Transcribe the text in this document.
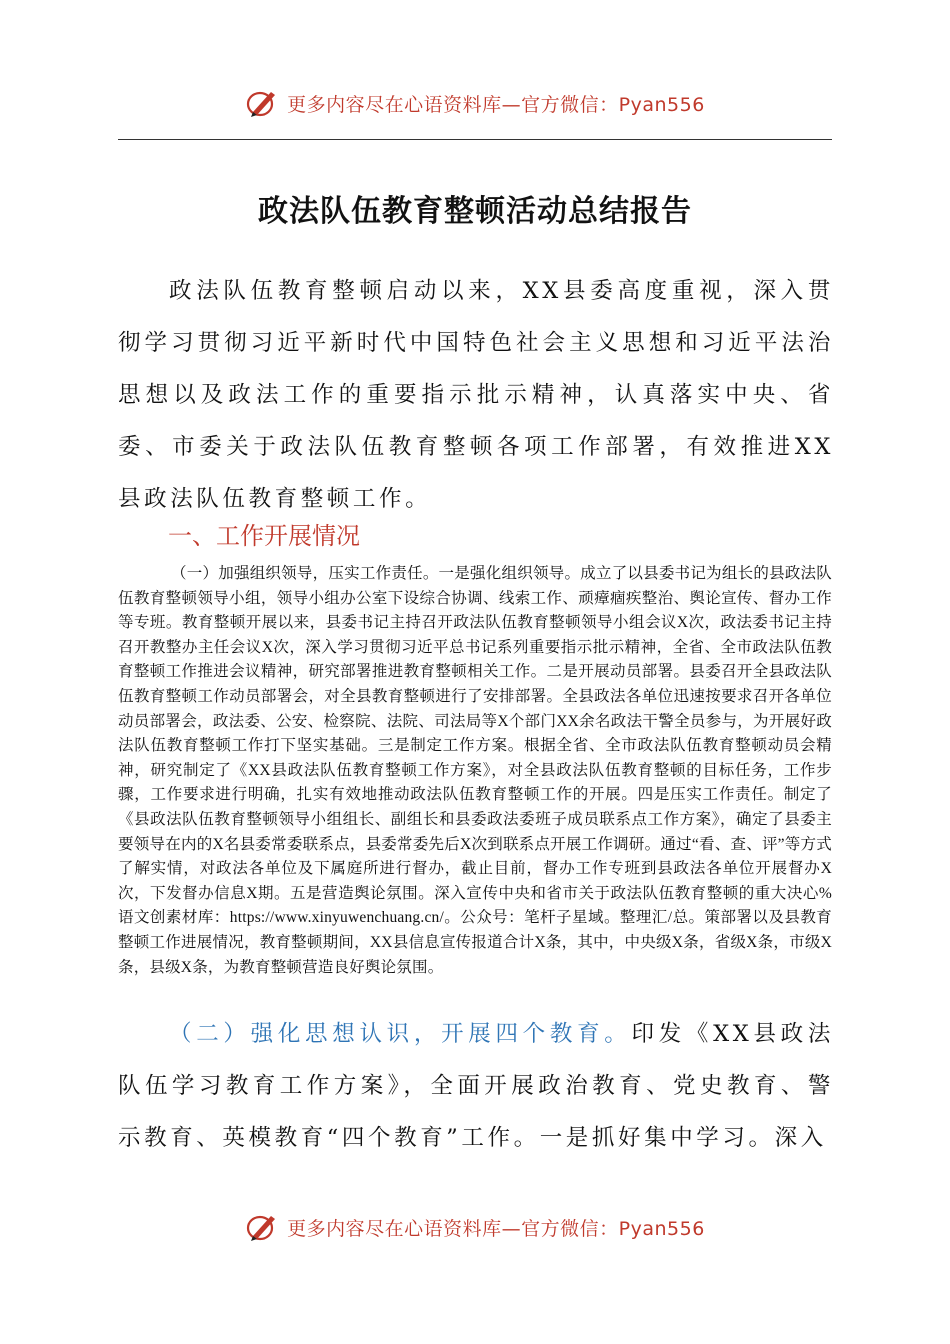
更多内容尽在心语资料库—官方微信：Pyan556
政法队伍教育整顿活动总结报告
政法队伍教育整顿启动以来，XX县委高度重视，深入贯彻学习贯彻习近平新时代中国特色社会主义思想和习近平法治思想以及政法工作的重要指示批示精神，认真落实中央、省委、市委关于政法队伍教育整顿各项工作部署，有效推进XX县政法队伍教育整顿工作。
一、工作开展情况
（一）加强组织领导，压实工作责任。一是强化组织领导。成立了以县委书记为组长的县政法队伍教育整顿领导小组，领导小组办公室下设综合协调、线索工作、顽瘴痼疾整治、舆论宣传、督办工作等专班。教育整顿开展以来，县委书记主持召开政法队伍教育整顿领导小组会议X次，政法委书记主持召开教整办主任会议X次，深入学习贯彻习近平总书记系列重要指示批示精神，全省、全市政法队伍教育整顿工作推进会议精神，研究部署推进教育整顿相关工作。二是开展动员部署。县委召开全县政法队伍教育整顿工作动员部署会，对全县教育整顿进行了安排部署。全县政法各单位迅速按要求召开各单位动员部署会，政法委、公安、检察院、法院、司法局等X个部门XX余名政法干警全员参与，为开展好政法队伍教育整顿工作打下坚实基础。三是制定工作方案。根据全省、全市政法队伍教育整顿动员会精神，研究制定了《XX县政法队伍教育整顿工作方案》，对全县政法队伍教育整顿的目标任务，工作步骤，工作要求进行明确，扎实有效地推动政法队伍教育整顿工作的开展。四是压实工作责任。制定了《县政法队伍教育整顿领导小组组长、副组长和县委政法委班子成员联系点工作方案》，确定了县委主要领导在内的X名县委常委联系点，县委常委先后X次到联系点开展工作调研。通过“看、查、评”等方式了解实情，对政法各单位及下属庭所进行督办，截止目前，督办工作专班到县政法各单位开展督办X次，下发督办信息X期。五是营造舆论氛围。深入宣传中央和省市关于政法队伍教育整顿的重大决心%语文创素材库：https://www.xinyuwenchuang.cn/。公众号：笔杆子星域。整理汇/总。策部署以及县教育整顿工作进展情况，教育整顿期间，XX县信息宣传报道合计X条，其中，中央级X条，省级X条，市级X条，县级X条，为教育整顿营造良好舆论氛围。
（二）强化思想认识，开展四个教育。印发《XX县政法队伍学习教育工作方案》，全面开展政治教育、党史教育、警示教育、英模教育“四个教育”工作。一是抓好集中学习。深入
更多内容尽在心语资料库—官方微信：Pyan556
